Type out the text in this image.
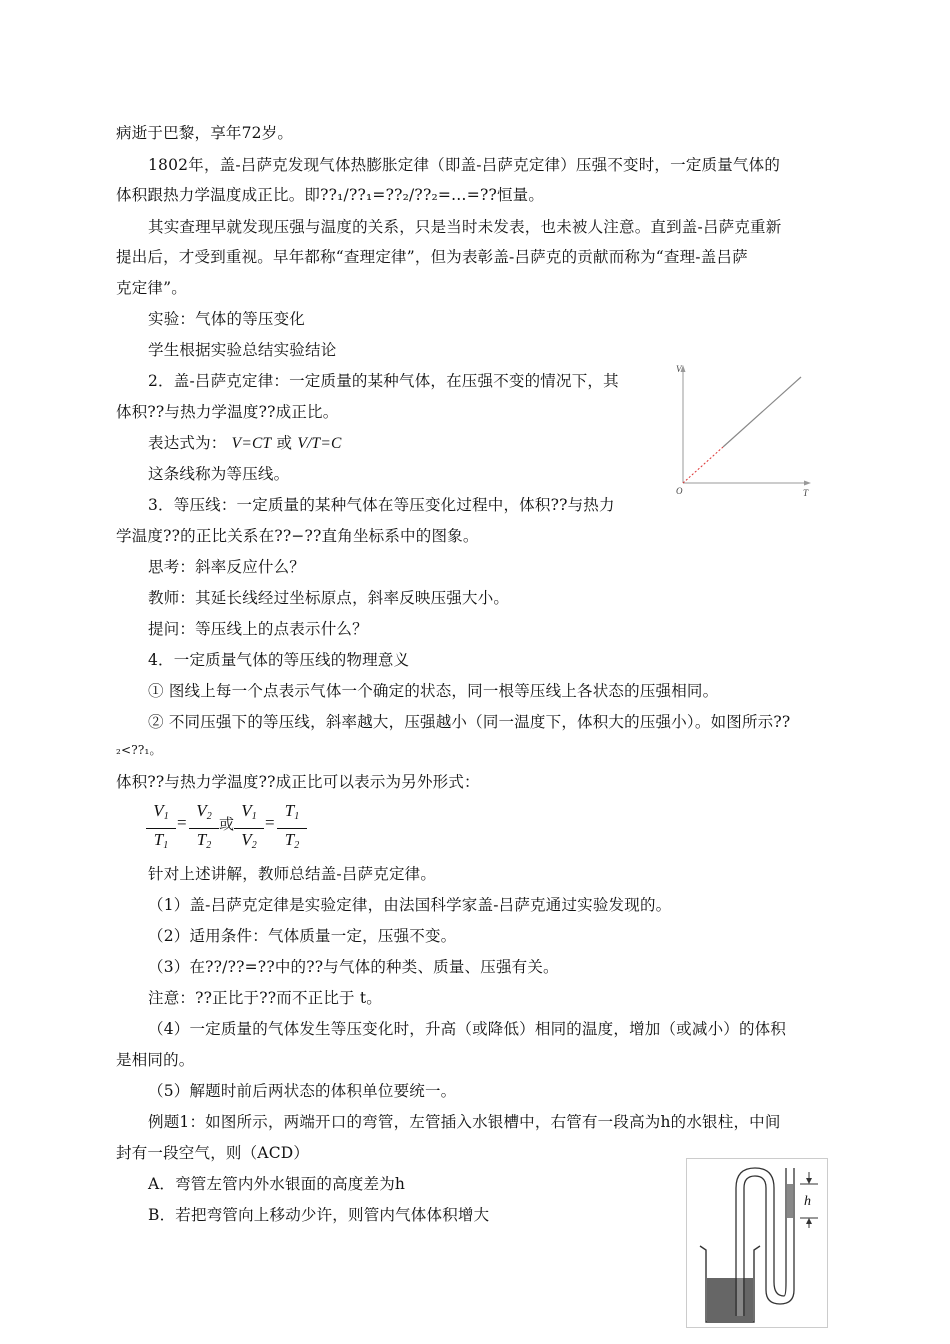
病逝于巴黎，享年72岁。
1802年，盖-吕萨克发现气体热膨胀定律（即盖-吕萨克定律）压强不变时，一定质量气体的
体积跟热力学温度成正比。即??₁/??₁=??₂/??₂=…=??恒量。
其实查理早就发现压强与温度的关系，只是当时未发表，也未被人注意。直到盖-吕萨克重新
提出后，才受到重视。早年都称“查理定律”，但为表彰盖-吕萨克的贡献而称为“查理-盖吕萨
克定律”。
实验：气体的等压变化
学生根据实验总结实验结论
2．盖-吕萨克定律：一定质量的某种气体，在压强不变的情况下，其
体积??与热力学温度??成正比。
表达式为： V=CT 或 V/T=C
这条线称为等压线。
3．等压线：一定质量的某种气体在等压变化过程中，体积??与热力
学温度??的正比关系在??−??直角坐标系中的图象。
思考：斜率反应什么？
教师：其延长线经过坐标原点，斜率反映压强大小。
提问：等压线上的点表示什么？
4．一定质量气体的等压线的物理意义
① 图线上每一个点表示气体一个确定的状态，同一根等压线上各状态的压强相同。
② 不同压强下的等压线，斜率越大，压强越小（同一温度下，体积大的压强小）。如图所示??
₂<??₁。
体积??与热力学温度??成正比可以表示为另外形式：
$\frac{V_1}{T_1} = \frac{V_2}{T_2}$ 或 $\frac{V_1}{V_2} = \frac{T_1}{T_2}$
针对上述讲解，教师总结盖-吕萨克定律。
（1）盖-吕萨克定律是实验定律，由法国科学家盖-吕萨克通过实验发现的。
（2）适用条件：气体质量一定，压强不变。
（3）在??/??=??中的??与气体的种类、质量、压强有关。
注意：??正比于??而不正比于 t。
（4）一定质量的气体发生等压变化时，升高（或降低）相同的温度，增加（或减小）的体积
是相同的。
（5）解题时前后两状态的体积单位要统一。
例题1：如图所示，两端开口的弯管，左管插入水银槽中，右管有一段高为h的水银柱，中间
封有一段空气，则（ACD）
A．弯管左管内外水银面的高度差为h
B．若把弯管向上移动少许，则管内气体体积增大
V
T
O
h
